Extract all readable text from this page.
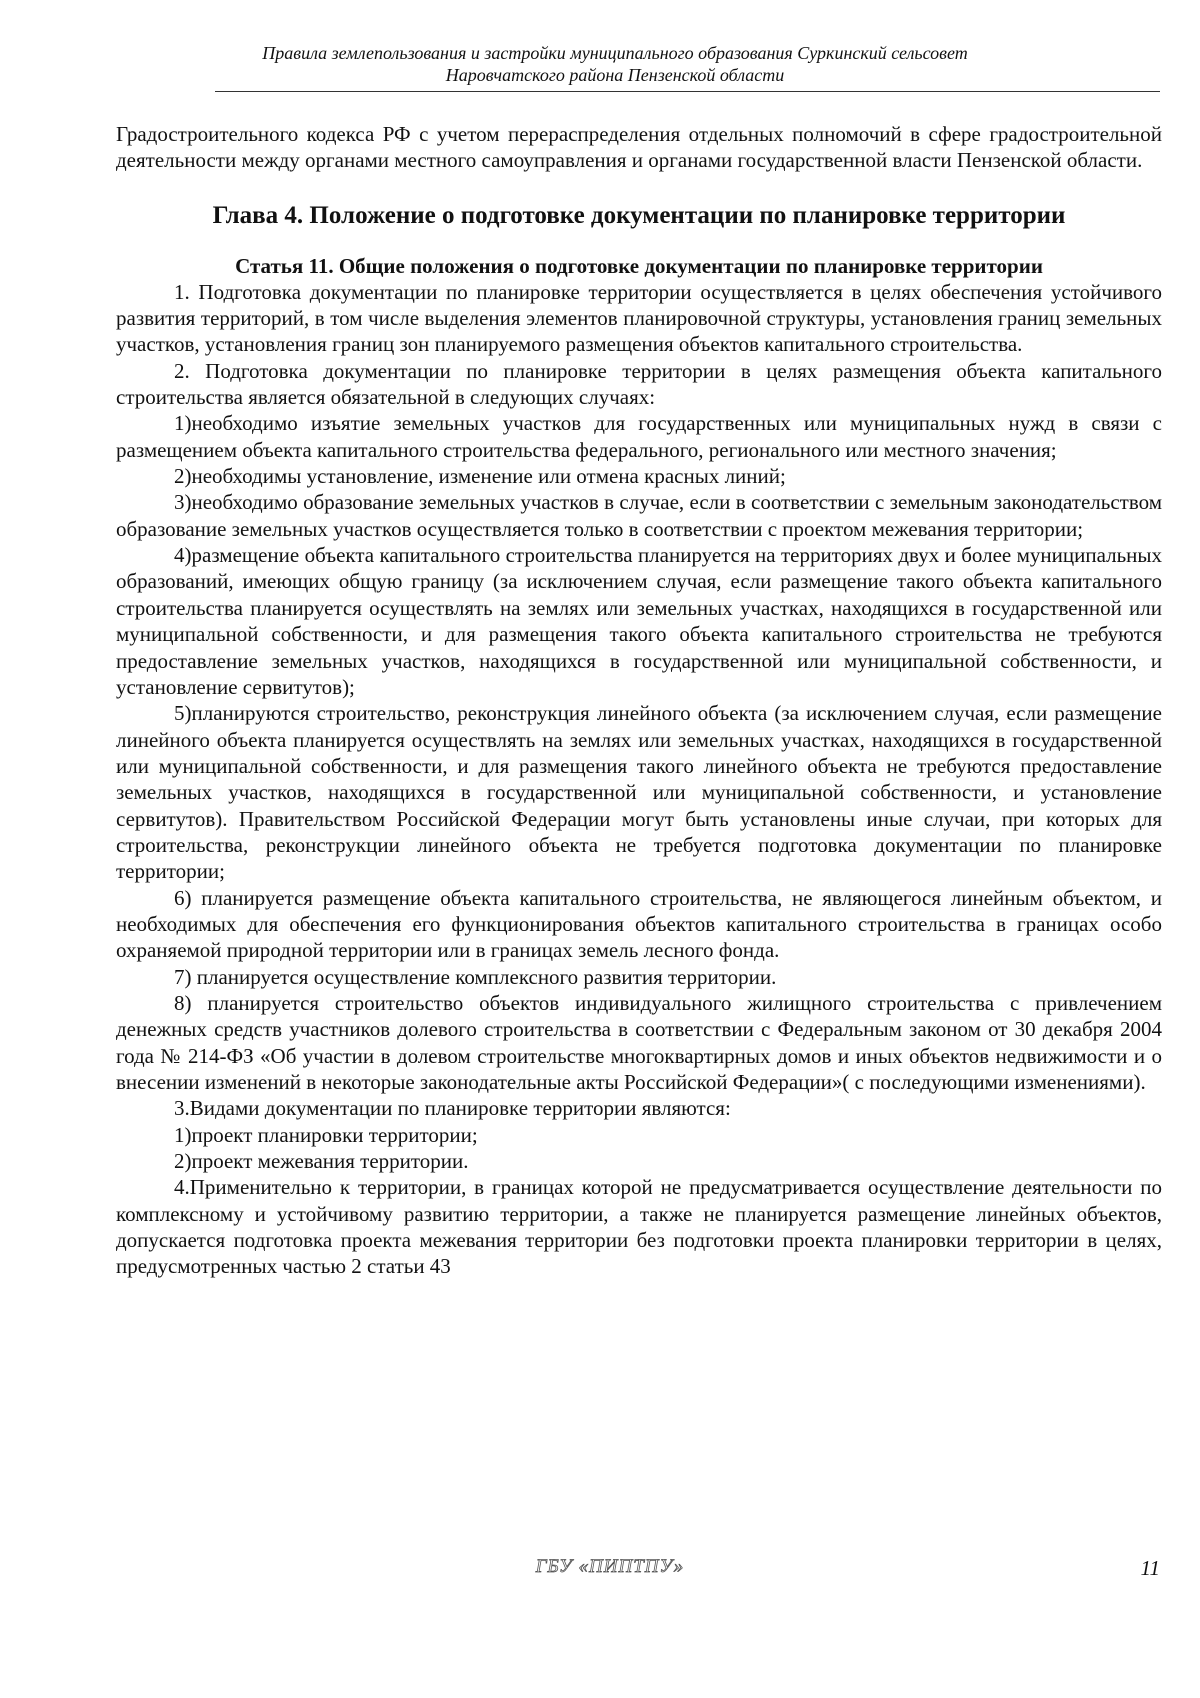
Правила землепользования и застройки муниципального образования Суркинский сельсовет
Наровчатского района Пензенской области

Градостроительного кодекса РФ с учетом перераспределения отдельных полномочий в сфере градостроительной деятельности между органами местного самоуправления и органами государственной власти Пензенской области.

Глава 4. Положение о подготовке документации по планировке территории
Статья 11. Общие положения о подготовке документации по планировке территории

1. Подготовка документации по планировке территории осуществляется в целях обеспечения устойчивого развития территорий, в том числе выделения элементов планировочной структуры, установления границ земельных участков, установления границ зон планируемого размещения объектов капитального строительства.

2. Подготовка документации по планировке территории в целях размещения объекта капитального строительства является обязательной в следующих случаях:

1)необходимо изъятие земельных участков для государственных или муниципальных нужд в связи с размещением объекта капитального строительства федерального, регионального или местного значения;

2)необходимы установление, изменение или отмена красных линий;

3)необходимо образование земельных участков в случае, если в соответствии с земельным законодательством образование земельных участков осуществляется только в соответствии с проектом межевания территории;

4)размещение объекта капитального строительства планируется на территориях двух и более муниципальных образований, имеющих общую границу (за исключением случая, если размещение такого объекта капитального строительства планируется осуществлять на землях или земельных участках, находящихся в государственной или муниципальной собственности, и для размещения такого объекта капитального строительства не требуются предоставление земельных участков, находящихся в государственной или муниципальной собственности, и установление сервитутов);

5)планируются строительство, реконструкция линейного объекта (за исключением случая, если размещение линейного объекта планируется осуществлять на землях или земельных участках, находящихся в государственной или муниципальной собственности, и для размещения такого линейного объекта не требуются предоставление земельных участков, находящихся в государственной или муниципальной собственности, и установление сервитутов). Правительством Российской Федерации могут быть установлены иные случаи, при которых для строительства, реконструкции линейного объекта не требуется подготовка документации по планировке территории;

6) планируется размещение объекта капитального строительства, не являющегося линейным объектом, и необходимых для обеспечения его функционирования объектов капитального строительства в границах особо охраняемой природной территории или в границах земель лесного фонда.

7) планируется осуществление комплексного развития территории.

8) планируется строительство объектов индивидуального жилищного строительства с привлечением денежных средств участников долевого строительства в соответствии с Федеральным законом от 30 декабря 2004 года № 214-ФЗ «Об участии в долевом строительстве многоквартирных домов и иных объектов недвижимости и о внесении изменений в некоторые законодательные акты Российской Федерации»( с последующими изменениями).

3.Видами документации по планировке территории являются:

1)проект планировки территории;

2)проект межевания территории.

4.Применительно к территории, в границах которой не предусматривается осуществление деятельности по комплексному и устойчивому развитию территории, а также не планируется размещение линейных объектов, допускается подготовка проекта межевания территории без подготовки проекта планировки территории в целях, предусмотренных частью 2 статьи 43

ГБУ «ПИПТПУ»	11
